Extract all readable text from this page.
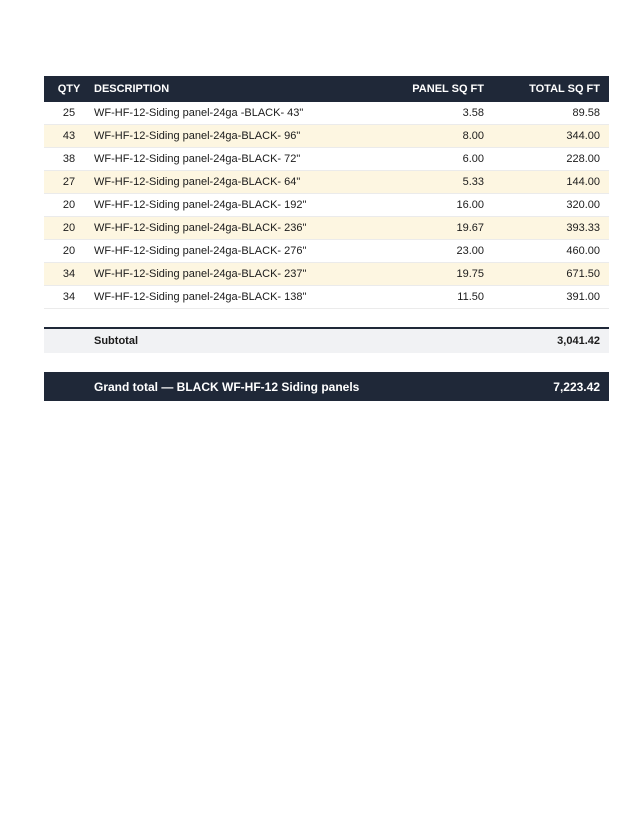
QTY	DESCRIPTION	PANEL SQ FT	TOTAL SQ FT
25	WF-HF-12-Siding panel-24ga -BLACK- 43"	3.58	89.58
43	WF-HF-12-Siding panel-24ga-BLACK- 96"	8.00	344.00
38	WF-HF-12-Siding panel-24ga-BLACK- 72"	6.00	228.00
27	WF-HF-12-Siding panel-24ga-BLACK- 64"	5.33	144.00
20	WF-HF-12-Siding panel-24ga-BLACK- 192"	16.00	320.00
20	WF-HF-12-Siding panel-24ga-BLACK- 236"	19.67	393.33
20	WF-HF-12-Siding panel-24ga-BLACK- 276"	23.00	460.00
34	WF-HF-12-Siding panel-24ga-BLACK- 237"	19.75	671.50
34	WF-HF-12-Siding panel-24ga-BLACK- 138"	11.50	391.00
Subtotal	3,041.42
Grand total — BLACK WF-HF-12 Siding panels	7,223.42
